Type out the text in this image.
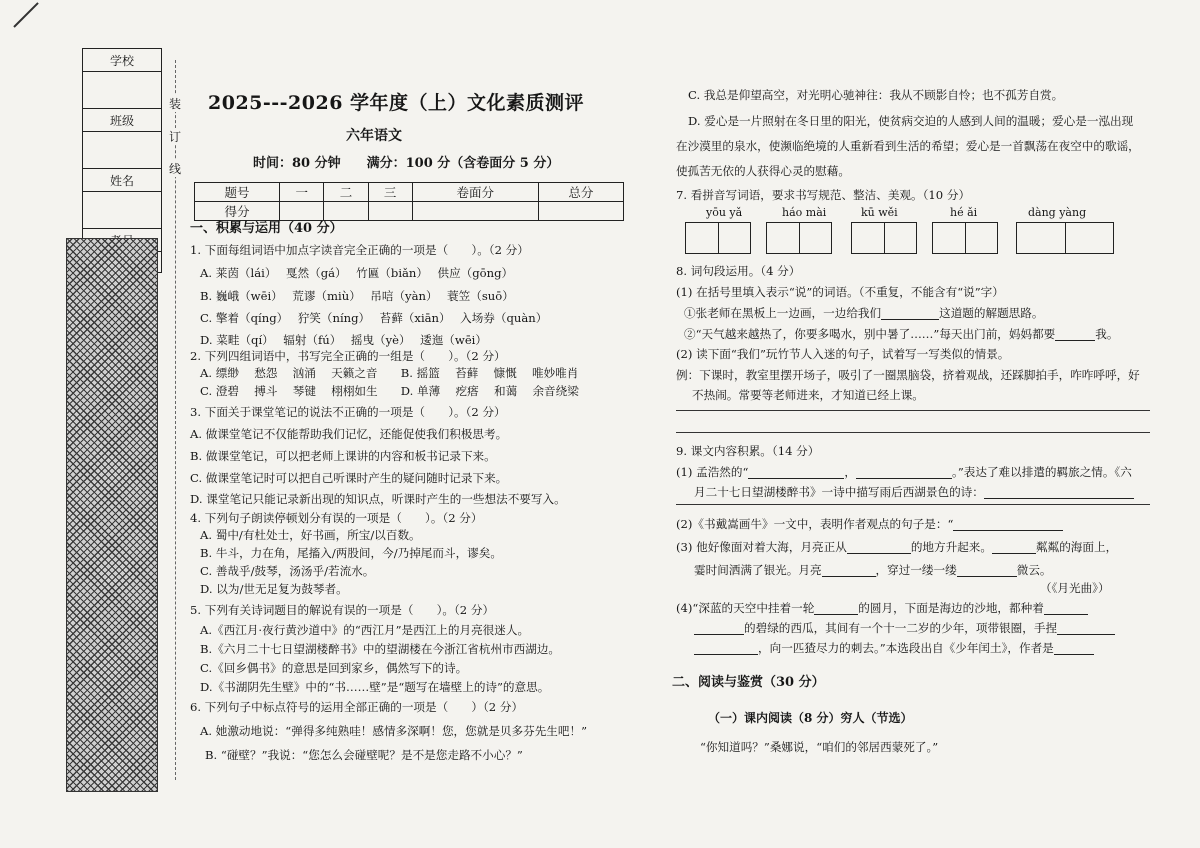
学校
班级
姓名
装
订
线
2025---2026 学年度（上）文化素质测评
六年语文
时间：80 分钟　　满分：100 分（含卷面分 5 分）
题号	一	二	三	卷面分	总分
得分					
一、积累与运用（40 分）
1. 下面每组词语中加点字读音完全正确的一项是（　　）。（2 分）
A. 莱茵（lái）　 戛然（gá）　 竹匾（biǎn）　 供应（gōng）
B. 巍峨（wēi）　 荒谬（miù）　 吊唁（yàn）　 蓑笠（suō）
C. 擎着（qíng）　 狞笑（níng）　 苔藓（xiān）　 入场券（quàn）
D. 菜畦（qí）　 辐射（fú）　 摇曳（yè）　 逶迤（wēi）
2. 下列四组词语中，书写完全正确的一组是（　　）。（2 分）
A. 缥缈　 愁怨　 汹涌　 天籁之音　　B. 摇篮　 苔藓　 慷慨　 唯妙唯肖
C. 澄碧　 搏斗　 琴键　 栩栩如生　　D. 单薄　 疙瘩　 和蔼　 余音绕梁
3. 下面关于课堂笔记的说法不正确的一项是（　　）。（2 分）
A. 做课堂笔记不仅能帮助我们记忆，还能促使我们积极思考。
B. 做课堂笔记，可以把老师上课讲的内容和板书记录下来。
C. 做课堂笔记时可以把自己听课时产生的疑问随时记录下来。
D. 课堂笔记只能记录新出现的知识点，听课时产生的一些想法不要写入。
4. 下列句子朗读停顿划分有误的一项是（　　）。（2 分）
A. 蜀中/有杜处士，好书画，所宝/以百数。
B. 牛斗，力在角，尾搐入/两股间，今/乃掉尾而斗，谬矣。
C. 善哉乎/鼓琴，汤汤乎/若流水。
D. 以为/世无足复为鼓琴者。
5. 下列有关诗词题目的解说有误的一项是（　　）。（2 分）
A.《西江月·夜行黄沙道中》的“西江月”是西江上的月亮很迷人。
B.《六月二十七日望湖楼醉书》中的望湖楼在今浙江省杭州市西湖边。
C.《回乡偶书》的意思是回到家乡，偶然写下的诗。
D.《书湖阴先生壁》中的“书……壁”是“题写在墙壁上的诗”的意思。
6. 下列句子中标点符号的运用全部正确的一项是（　　）（2 分）
A. 她激动地说：“弹得多纯熟哇！感情多深啊！您，您就是贝多芬先生吧！”
B. “碰壁？”我说：“您怎么会碰壁呢？是不是您走路不小心？”
C. 我总是仰望高空，对光明心驰神往：我从不顾影自怜；也不孤芳自赏。
D. 爱心是一片照射在冬日里的阳光，使贫病交迫的人感到人间的温暖；爱心是一泓出现
在沙漠里的泉水，使濒临绝境的人重新看到生活的希望；爱心是一首飘荡在夜空中的歌谣，
使孤苦无依的人获得心灵的慰藉。
7. 看拼音写词语，要求书写规范、整洁、美观。（10 分）
yōu yǎ	háo mài	kū wěi	hé ǎi	dàng yàng
8. 词句段运用。（4 分）
(1) 在括号里填入表示“说”的词语。（不重复，不能含有“说”字）
①张老师在黑板上一边画，一边给我们	这道题的解题思路。
②“天气越来越热了，你要多喝水，别中暑了……”每天出门前，妈妈都要	我。
(2) 读下面“我们”玩竹节人入迷的句子，试着写一写类似的情景。
例：下课时，教室里摆开场子，吸引了一圈黑脑袋，挤着观战，还踩脚拍手，咋咋呼呼，好
不热闹。常要等老师进来，才知道已经上课。
9. 课文内容积累。（14 分）
(1) 孟浩然的“	，	。”表达了难以排遣的羁旅之情。《六
月二十七日望湖楼醉书》一诗中描写雨后西湖景色的诗：
(2)《书戴嵩画牛》一文中，表明作者观点的句子是：“
(3) 他好像面对着大海，月亮正从	的地方升起来。	粼粼的海面上，
霎时间洒满了银光。月亮	，穿过一缕一缕	微云。
（《月光曲》）
(4)“深蓝的天空中挂着一轮	的圆月，下面是海边的沙地，都种着
的碧绿的西瓜，其间有一个十一二岁的少年，项带银圈，手捏
，向一匹猹尽力的刺去。”本选段出自《少年闰土》，作者是
二、阅读与鉴赏（30 分）
（一）课内阅读（8 分）穷人（节选）
“你知道吗？”桑娜说，“咱们的邻居西蒙死了。”
